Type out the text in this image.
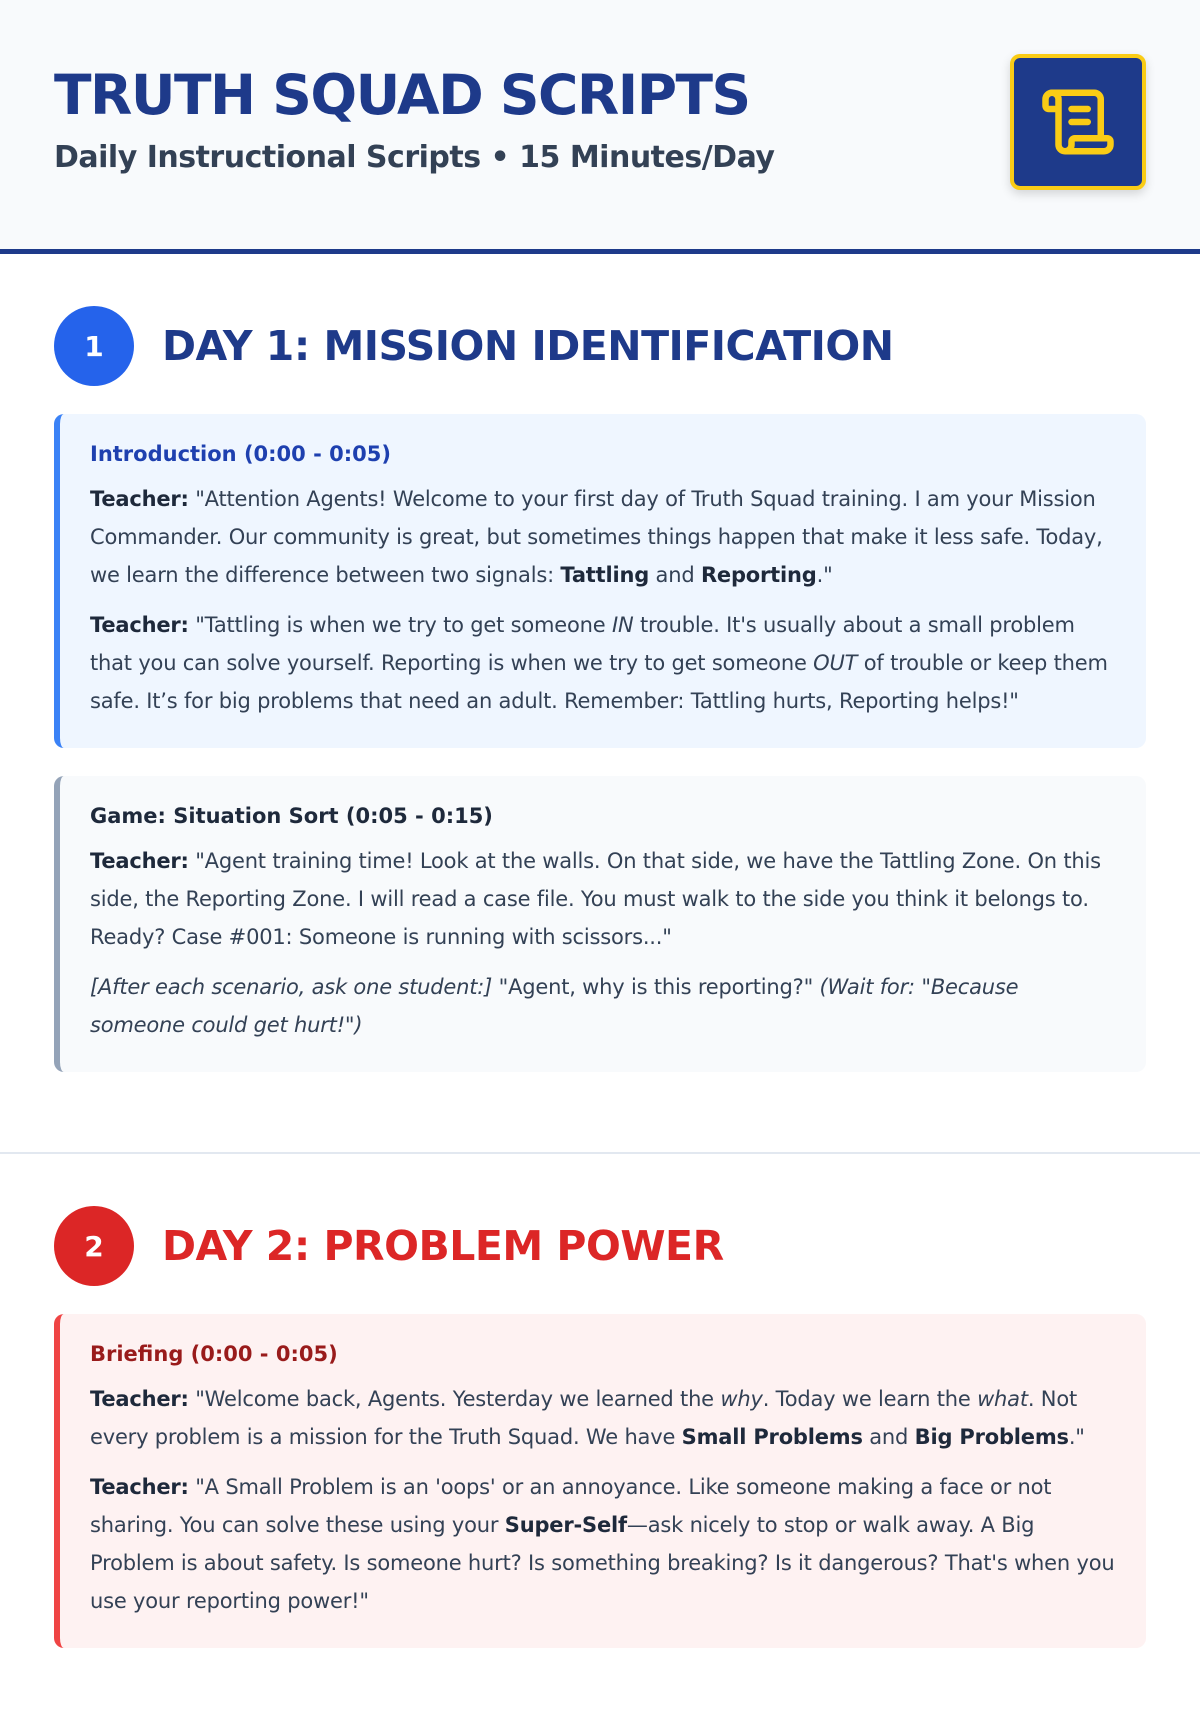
TRUTH SQUAD SCRIPTS
Daily Instructional Scripts • 15 Minutes/Day
1	DAY 1: MISSION IDENTIFICATION
Introduction (0:00 - 0:05)

Teacher: "Attention Agents! Welcome to your first day of Truth Squad training. I am your Mission Commander. Our community is great, but sometimes things happen that make it less safe. Today, we learn the difference between two signals: Tattling and Reporting."

Teacher: "Tattling is when we try to get someone IN trouble. It's usually about a small problem that you can solve yourself. Reporting is when we try to get someone OUT of trouble or keep them safe. It’s for big problems that need an adult. Remember: Tattling hurts, Reporting helps!"

Game: Situation Sort (0:05 - 0:15)

Teacher: "Agent training time! Look at the walls. On that side, we have the Tattling Zone. On this side, the Reporting Zone. I will read a case file. You must walk to the side you think it belongs to. Ready? Case #001: Someone is running with scissors..."

[After each scenario, ask one student:] "Agent, why is this reporting?" (Wait for: "Because someone could get hurt!")

2	DAY 2: PROBLEM POWER
Briefing (0:00 - 0:05)

Teacher: "Welcome back, Agents. Yesterday we learned the why. Today we learn the what. Not every problem is a mission for the Truth Squad. We have Small Problems and Big Problems."

Teacher: "A Small Problem is an 'oops' or an annoyance. Like someone making a face or not sharing. You can solve these using your Super-Self—ask nicely to stop or walk away. A Big Problem is about safety. Is someone hurt? Is something breaking? Is it dangerous? That's when you use your reporting power!"
